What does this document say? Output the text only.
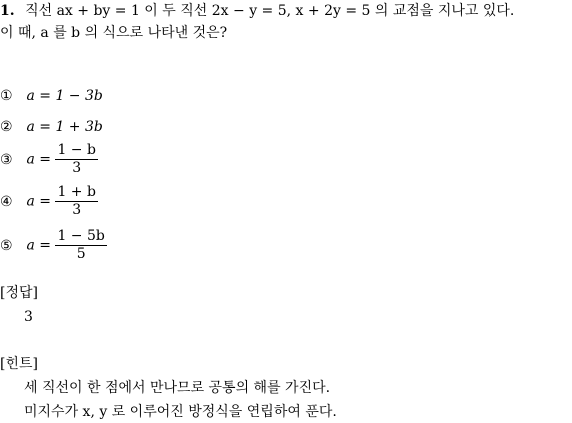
1. 직선 ax + by = 1 이 두 직선 2x − y = 5, x + 2y = 5 의 교점을 지나고 있다.
이 때, a 를 b 의 식으로 나타낸 것은?
① a = 1 − 3b
② a = 1 + 3b
③ $a = \frac{1 - b}{3}$
④ $a = \frac{1 + b}{3}$
⑤ $a = \frac{1 - 5b}{5}$
[정답]
3
[힌트]
세 직선이 한 점에서 만나므로 공통의 해를 가진다.
미지수가 x, y 로 이루어진 방정식을 연립하여 푼다.
